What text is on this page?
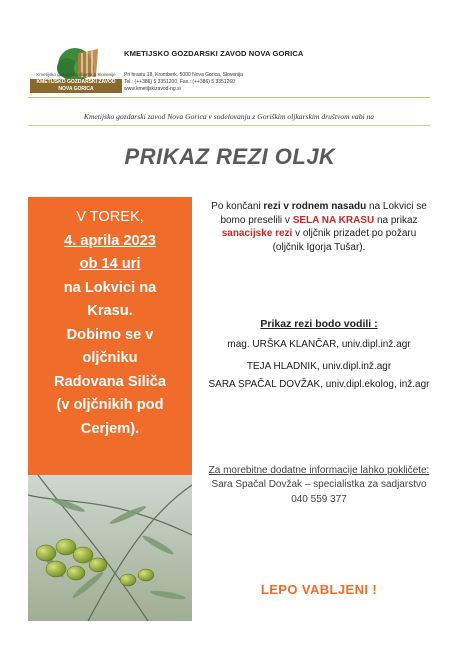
Kmetijsko gozdarska zbornica Slovenije
KMETIJSKO GOZDARSKI ZAVOD
NOVA GORICA
KMETIJSKO GOZDARSKI ZAVOD NOVA GORICA
Pri hrastu 18, Kromberk, 5000 Nova Gorica, Slovenija
Tel.: (++386) 5 3351200, Fax.: (++386) 5 3351260
www.kmetijskizavod-ng.si
Kmetijsko gozdarski zavod Nova Gorica v sodelovanju z Goriškim oljkarskim društvom vabi na
PRIKAZ REZI OLJK
V TOREK,
4. aprila 2023
ob 14 uri
na Lokvici na
Krasu.
Dobimo se v
oljčniku
Radovana Siliča
(v oljčnikih pod
Cerjem).
Po končani rezi v rodnem nasadu na Lokvici se bomo preselili v SELA NA KRASU na prikaz sanacijske rezi v oljčnik prizadet po požaru (oljčnik Igorja Tušar).
Prikaz rezi bodo vodili :
mag. URŠKA KLANČAR, univ.dipl.inž.agr
TEJA HLADNIK, univ.dipl.inž.agr
SARA SPAČAL DOVŽAK, univ.dipl.ekolog, inž.agr
Za morebitne dodatne informacije lahko pokličete:
Sara Spačal Dovžak – specialistka za sadjarstvo
040 559 377
LEPO VABLJENI !
